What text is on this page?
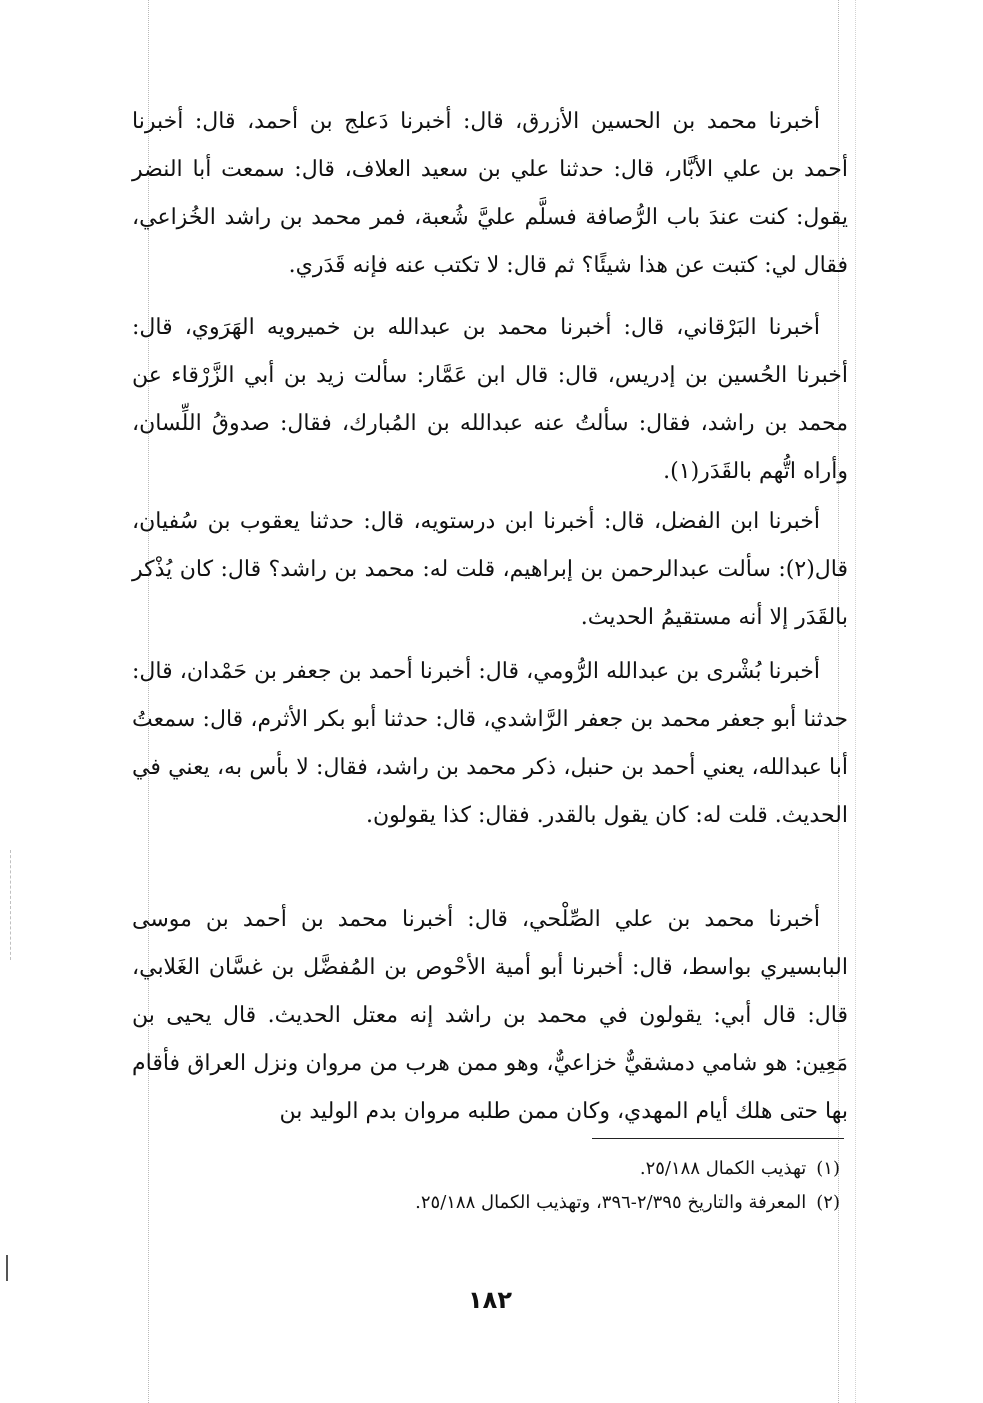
أخبرنا محمد بن الحسين الأزرق، قال: أخبرنا دَعلج بن أحمد، قال: أخبرنا أحمد بن علي الأبَّار، قال: حدثنا علي بن سعيد العلاف، قال: سمعت أبا النضر يقول: كنت عندَ باب الرُّصافة فسلَّم عليَّ شُعبة، فمر محمد بن راشد الخُزاعي، فقال لي: كتبت عن هذا شيئًا؟ ثم قال: لا تكتب عنه فإنه قَدَري.

أخبرنا البَرْقاني، قال: أخبرنا محمد بن عبدالله بن خميرويه الهَرَوي، قال: أخبرنا الحُسين بن إدريس، قال: قال ابن عَمَّار: سألت زيد بن أبي الزَّرْقاء عن محمد بن راشد، فقال: سألتُ عنه عبدالله بن المُبارك، فقال: صدوقُ اللِّسان، وأراه اتُّهم بالقَدَر(١).

أخبرنا ابن الفضل، قال: أخبرنا ابن درستويه، قال: حدثنا يعقوب بن سُفيان، قال(٢): سألت عبدالرحمن بن إبراهيم، قلت له: محمد بن راشد؟ قال: كان يُذْكر بالقَدَر إلا أنه مستقيمُ الحديث.

أخبرنا بُشْرى بن عبدالله الرُّومي، قال: أخبرنا أحمد بن جعفر بن حَمْدان، قال: حدثنا أبو جعفر محمد بن جعفر الرَّاشدي، قال: حدثنا أبو بكر الأثرم، قال: سمعتُ أبا عبدالله، يعني أحمد بن حنبل، ذكر محمد بن راشد، فقال: لا بأس به، يعني في الحديث. قلت له: كان يقول بالقدر. فقال: كذا يقولون.

أخبرنا محمد بن علي الصِّلْحي، قال: أخبرنا محمد بن أحمد بن موسى البابسيري بواسط، قال: أخبرنا أبو أمية الأحْوص بن المُفضَّل بن غسَّان الغَلابي، قال: قال أبي: يقولون في محمد بن راشد إنه معتل الحديث. قال يحيى بن مَعِين: هو شامي دمشقيٌّ خزاعيٌّ، وهو ممن هرب من مروان ونزل العراق فأقام بها حتى هلك أيام المهدي، وكان ممن طلبه مروان بدم الوليد بن

(١)تهذيب الكمال ٢٥/١٨٨.
(٢)المعرفة والتاريخ ٢/٣٩٥-٣٩٦، وتهذيب الكمال ٢٥/١٨٨.
١٨٢
